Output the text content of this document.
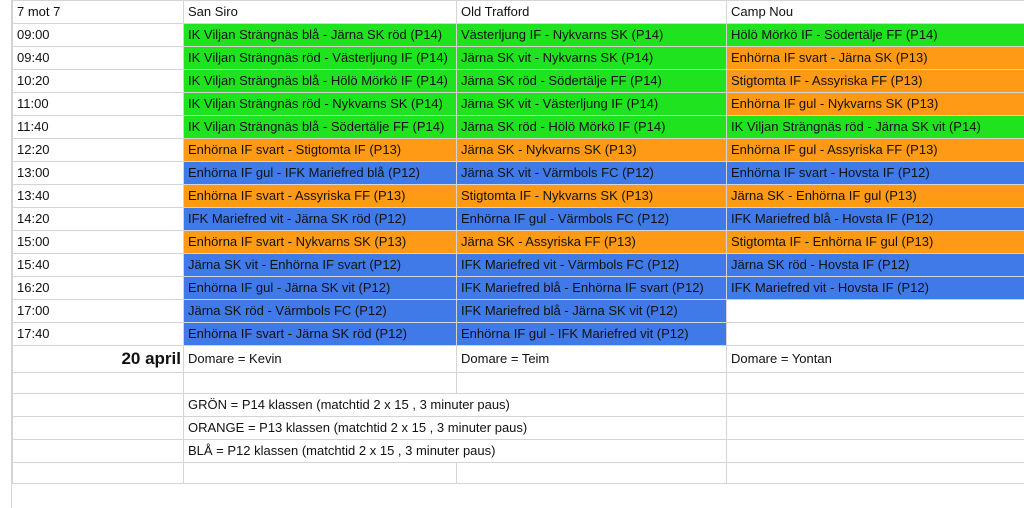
7 mot 7	San Siro	Old Trafford	Camp Nou
09:00	IK Viljan Strängnäs blå - Järna SK röd (P14)	Västerljung IF - Nykvarns SK (P14)	Hölö Mörkö IF - Södertälje FF (P14)
09:40	IK Viljan Strängnäs röd - Västerljung IF (P14)	Järna SK vit - Nykvarns SK (P14)	Enhörna IF svart - Järna SK (P13)
10:20	IK Viljan Strängnäs blå - Hölö Mörkö IF (P14)	Järna SK röd - Södertälje FF (P14)	Stigtomta IF - Assyriska FF (P13)
11:00	IK Viljan Strängnäs röd - Nykvarns SK (P14)	Järna SK vit - Västerljung IF (P14)	Enhörna IF gul - Nykvarns SK (P13)
11:40	IK Viljan Strängnäs blå - Södertälje FF (P14)	Järna SK röd - Hölö Mörkö IF (P14)	IK Viljan Strängnäs röd - Järna SK vit (P14)
12:20	Enhörna IF svart - Stigtomta IF (P13)	Järna SK - Nykvarns SK (P13)	Enhörna IF gul - Assyriska FF (P13)
13:00	Enhörna IF gul - IFK Mariefred blå (P12)	Järna SK vit - Värmbols FC (P12)	Enhörna IF svart - Hovsta IF (P12)
13:40	Enhörna IF svart - Assyriska FF (P13)	Stigtomta IF - Nykvarns SK (P13)	Järna SK - Enhörna IF gul (P13)
14:20	IFK Mariefred vit - Järna SK röd (P12)	Enhörna IF gul - Värmbols FC (P12)	IFK Mariefred blå - Hovsta IF (P12)
15:00	Enhörna IF svart - Nykvarns SK (P13)	Järna SK - Assyriska FF (P13)	Stigtomta IF - Enhörna IF gul (P13)
15:40	Järna SK vit - Enhörna IF svart (P12)	IFK Mariefred vit - Värmbols FC (P12)	Järna SK röd - Hovsta IF (P12)
16:20	Enhörna IF gul - Järna SK vit (P12)	IFK Mariefred blå - Enhörna IF svart (P12)	IFK Mariefred vit - Hovsta IF (P12)
17:00	Järna SK röd - Värmbols FC (P12)	IFK Mariefred blå - Järna SK vit (P12)	
17:40	Enhörna IF svart - Järna SK röd (P12)	Enhörna IF gul - IFK Mariefred vit (P12)	
20 april	Domare = Kevin	Domare = Teim	Domare = Yontan

	GRÖN = P14 klassen (matchtid 2 x 15 , 3 minuter paus)		
	ORANGE = P13 klassen (matchtid 2 x 15 , 3 minuter paus)		
	BLÅ = P12 klassen (matchtid 2 x 15 , 3 minuter paus)		
